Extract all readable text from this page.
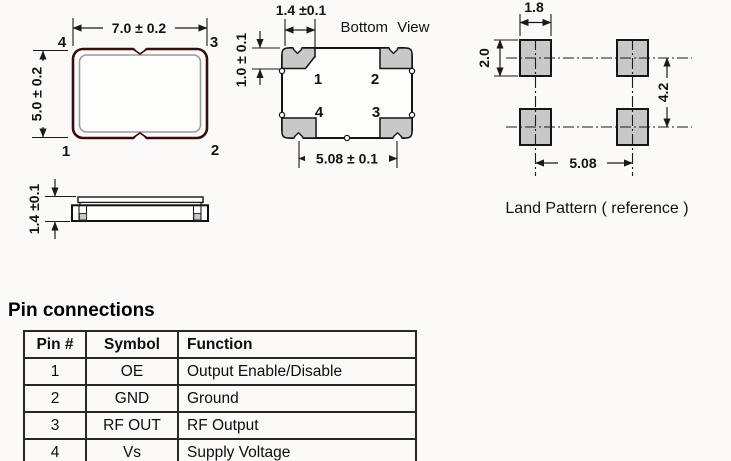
7.0 ± 0.2
5.0 ± 0.2
4	3
1	2
1.4 ±0.1
Bottom View
1	2
4	3
1.4 ±0.1
1.0 ± 0.1
5.08 ± 0.1
1.8
2.0
4.2
5.08
Land Pattern ( reference )
Pin connections
Pin #	Symbol	Function
1	OE	Output Enable/Disable
2	GND	Ground
3	RF OUT	RF Output
4	Vs	Supply Voltage
